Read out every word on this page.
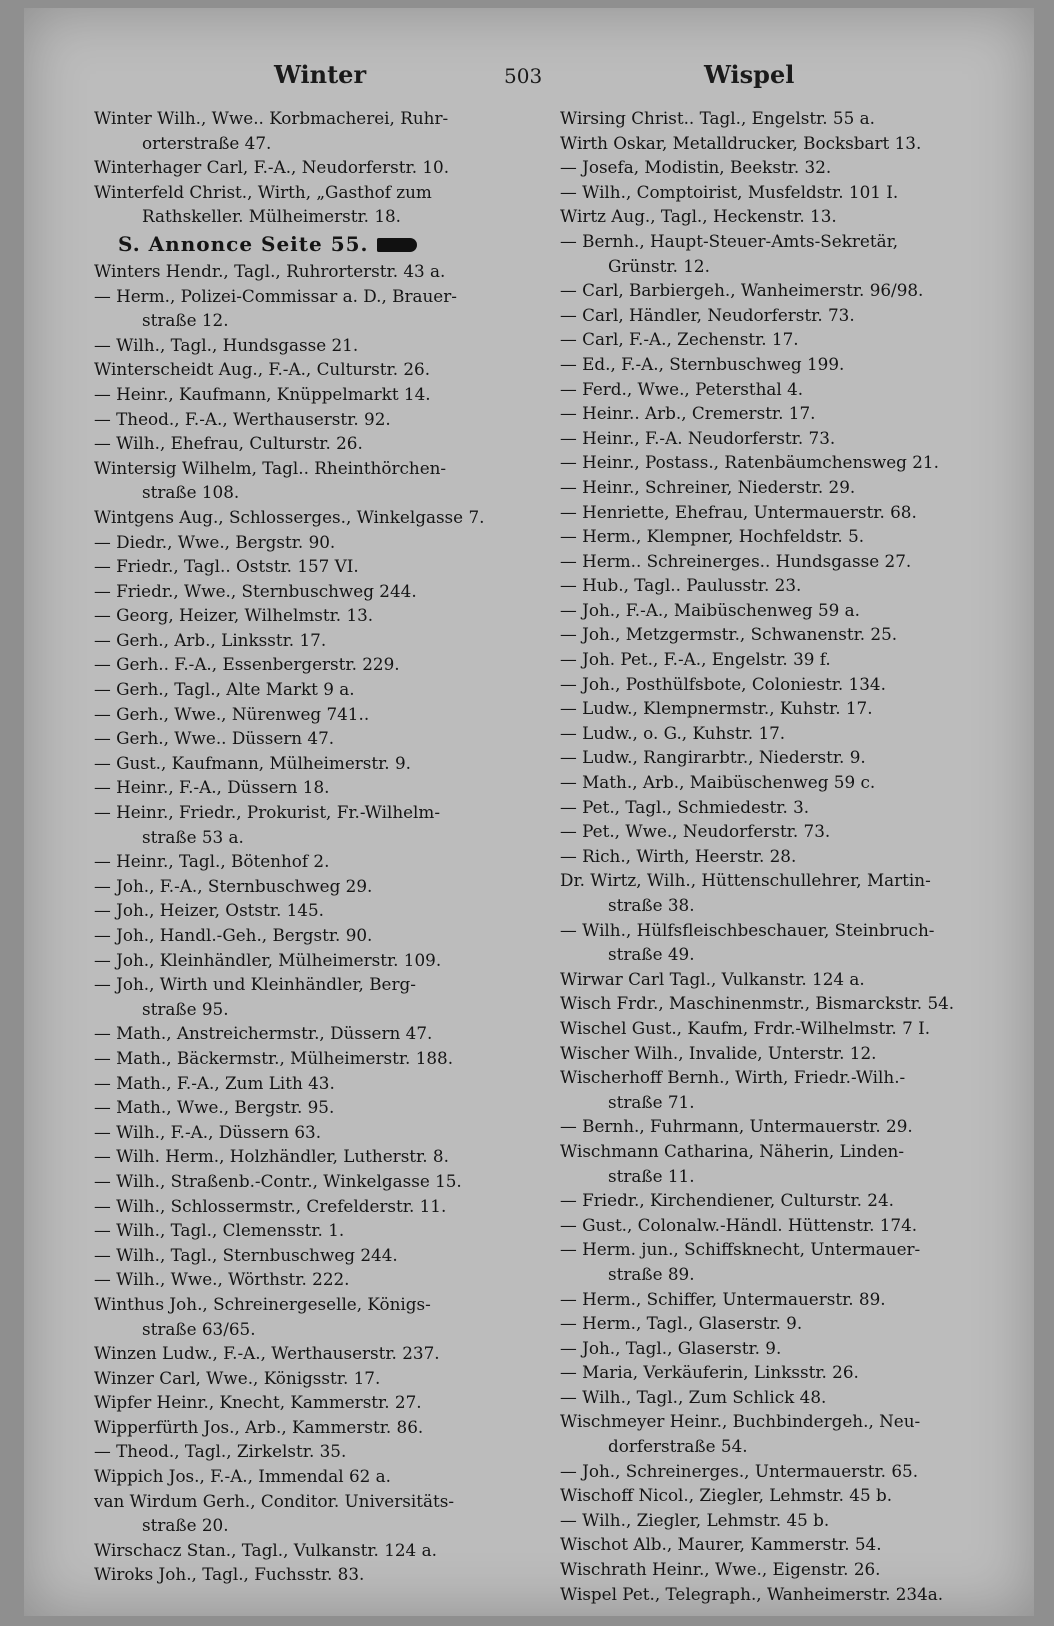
Winter	503	Wispel
Winter Wilh., Wwe.. Korbmacherei, Ruhr-
orterstraße 47.
Winterhager Carl, F.-A., Neudorferstr. 10.
Winterfeld Christ., Wirth, „Gasthof zum
Rathskeller. Mülheimerstr. 18.
S. Annonce Seite 55.
Winters Hendr., Tagl., Ruhrorterstr. 43 a.
— Herm., Polizei-Commissar a. D., Brauer-
straße 12.
— Wilh., Tagl., Hundsgasse 21.
Winterscheidt Aug., F.-A., Culturstr. 26.
— Heinr., Kaufmann, Knüppelmarkt 14.
— Theod., F.-A., Werthauserstr. 92.
— Wilh., Ehefrau, Culturstr. 26.
Wintersig Wilhelm, Tagl.. Rheinthörchen-
straße 108.
Wintgens Aug., Schlosserges., Winkelgasse 7.
— Diedr., Wwe., Bergstr. 90.
— Friedr., Tagl.. Oststr. 157 VI.
— Friedr., Wwe., Sternbuschweg 244.
— Georg, Heizer, Wilhelmstr. 13.
— Gerh., Arb., Linksstr. 17.
— Gerh.. F.-A., Essenbergerstr. 229.
— Gerh., Tagl., Alte Markt 9 a.
— Gerh., Wwe., Nürenweg 741..
— Gerh., Wwe.. Düssern 47.
— Gust., Kaufmann, Mülheimerstr. 9.
— Heinr., F.-A., Düssern 18.
— Heinr., Friedr., Prokurist, Fr.-Wilhelm-
straße 53 a.
— Heinr., Tagl., Bötenhof 2.
— Joh., F.-A., Sternbuschweg 29.
— Joh., Heizer, Oststr. 145.
— Joh., Handl.-Geh., Bergstr. 90.
— Joh., Kleinhändler, Mülheimerstr. 109.
— Joh., Wirth und Kleinhändler, Berg-
straße 95.
— Math., Anstreichermstr., Düssern 47.
— Math., Bäckermstr., Mülheimerstr. 188.
— Math., F.-A., Zum Lith 43.
— Math., Wwe., Bergstr. 95.
— Wilh., F.-A., Düssern 63.
— Wilh. Herm., Holzhändler, Lutherstr. 8.
— Wilh., Straßenb.-Contr., Winkelgasse 15.
— Wilh., Schlossermstr., Crefelderstr. 11.
— Wilh., Tagl., Clemensstr. 1.
— Wilh., Tagl., Sternbuschweg 244.
— Wilh., Wwe., Wörthstr. 222.
Winthus Joh., Schreinergeselle, Königs-
straße 63/65.
Winzen Ludw., F.-A., Werthauserstr. 237.
Winzer Carl, Wwe., Königsstr. 17.
Wipfer Heinr., Knecht, Kammerstr. 27.
Wipperfürth Jos., Arb., Kammerstr. 86.
— Theod., Tagl., Zirkelstr. 35.
Wippich Jos., F.-A., Immendal 62 a.
van Wirdum Gerh., Conditor. Universitäts-
straße 20.
Wirschacz Stan., Tagl., Vulkanstr. 124 a.
Wiroks Joh., Tagl., Fuchsstr. 83.
Wirsing Christ.. Tagl., Engelstr. 55 a.
Wirth Oskar, Metalldrucker, Bocksbart 13.
— Josefa, Modistin, Beekstr. 32.
— Wilh., Comptoirist, Musfeldstr. 101 I.
Wirtz Aug., Tagl., Heckenstr. 13.
— Bernh., Haupt-Steuer-Amts-Sekretär,
Grünstr. 12.
— Carl, Barbiergeh., Wanheimerstr. 96/98.
— Carl, Händler, Neudorferstr. 73.
— Carl, F.-A., Zechenstr. 17.
— Ed., F.-A., Sternbuschweg 199.
— Ferd., Wwe., Petersthal 4.
— Heinr.. Arb., Cremerstr. 17.
— Heinr., F.-A. Neudorferstr. 73.
— Heinr., Postass., Ratenbäumchensweg 21.
— Heinr., Schreiner, Niederstr. 29.
— Henriette, Ehefrau, Untermauerstr. 68.
— Herm., Klempner, Hochfeldstr. 5.
— Herm.. Schreinerges.. Hundsgasse 27.
— Hub., Tagl.. Paulusstr. 23.
— Joh., F.-A., Maibüschenweg 59 a.
— Joh., Metzgermstr., Schwanenstr. 25.
— Joh. Pet., F.-A., Engelstr. 39 f.
— Joh., Posthülfsbote, Coloniestr. 134.
— Ludw., Klempnermstr., Kuhstr. 17.
— Ludw., o. G., Kuhstr. 17.
— Ludw., Rangirarbtr., Niederstr. 9.
— Math., Arb., Maibüschenweg 59 c.
— Pet., Tagl., Schmiedestr. 3.
— Pet., Wwe., Neudorferstr. 73.
— Rich., Wirth, Heerstr. 28.
Dr. Wirtz, Wilh., Hüttenschullehrer, Martin-
straße 38.
— Wilh., Hülfsfleischbeschauer, Steinbruch-
straße 49.
Wirwar Carl Tagl., Vulkanstr. 124 a.
Wisch Frdr., Maschinenmstr., Bismarckstr. 54.
Wischel Gust., Kaufm, Frdr.-Wilhelmstr. 7 I.
Wischer Wilh., Invalide, Unterstr. 12.
Wischerhoff Bernh., Wirth, Friedr.-Wilh.-
straße 71.
— Bernh., Fuhrmann, Untermauerstr. 29.
Wischmann Catharina, Näherin, Linden-
straße 11.
— Friedr., Kirchendiener, Culturstr. 24.
— Gust., Colonalw.-Händl. Hüttenstr. 174.
— Herm. jun., Schiffsknecht, Untermauer-
straße 89.
— Herm., Schiffer, Untermauerstr. 89.
— Herm., Tagl., Glaserstr. 9.
— Joh., Tagl., Glaserstr. 9.
— Maria, Verkäuferin, Linksstr. 26.
— Wilh., Tagl., Zum Schlick 48.
Wischmeyer Heinr., Buchbindergeh., Neu-
dorferstraße 54.
— Joh., Schreinerges., Untermauerstr. 65.
Wischoff Nicol., Ziegler, Lehmstr. 45 b.
— Wilh., Ziegler, Lehmstr. 45 b.
Wischot Alb., Maurer, Kammerstr. 54.
Wischrath Heinr., Wwe., Eigenstr. 26.
Wispel Pet., Telegraph., Wanheimerstr. 234a.
